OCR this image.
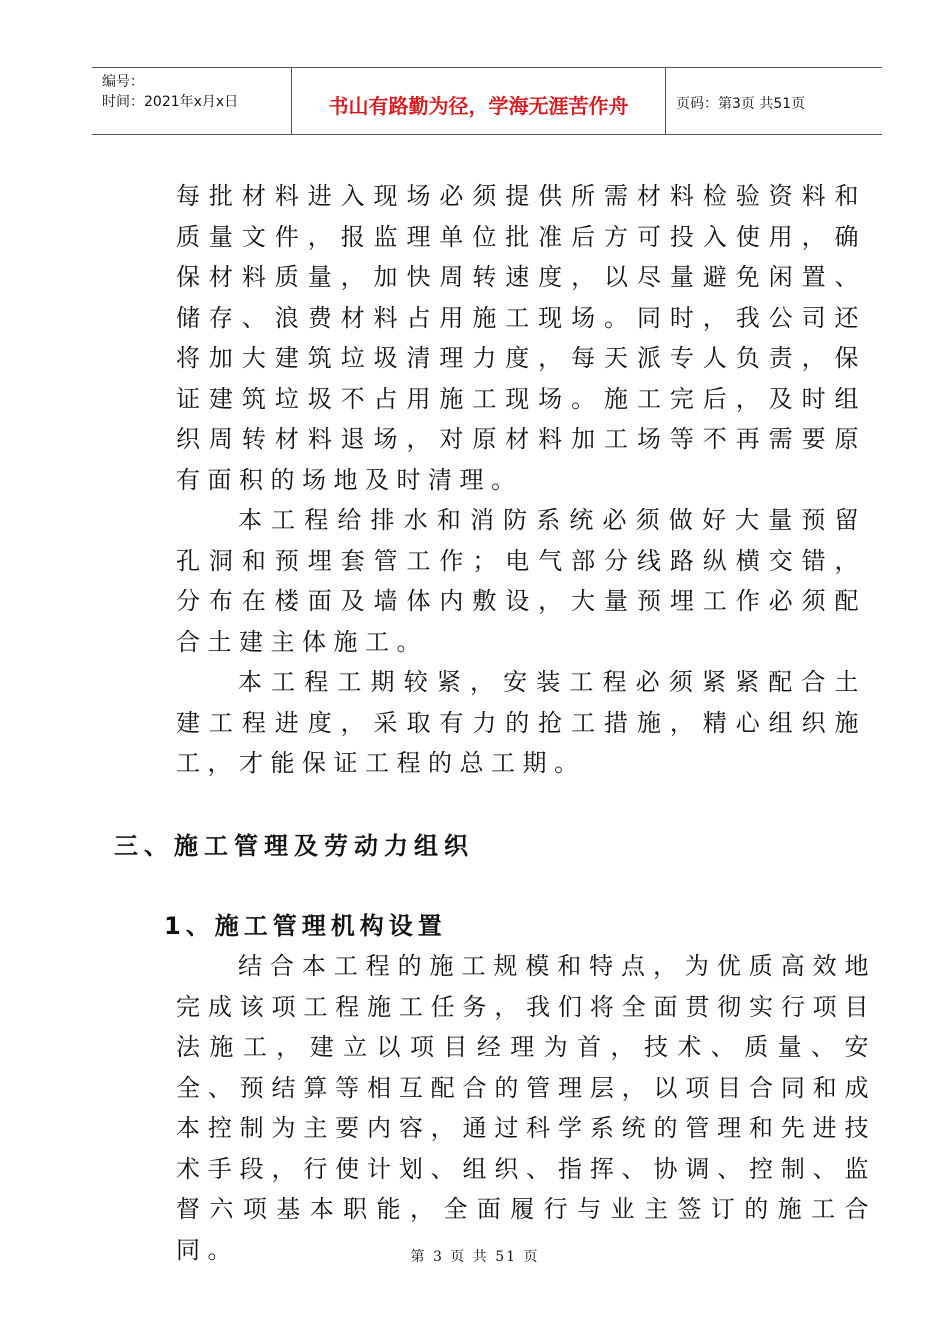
编号：
时间：2021年x月x日	书山有路勤为径，学海无涯苦作舟	页码：第3页 共51页

每批材料进入现场必须提供所需材料检验资料和质量文件，报监理单位批准后方可投入使用，确保材料质量，加快周转速度，以尽量避免闲置、储存、浪费材料占用施工现场。同时，我公司还将加大建筑垃圾清理力度，每天派专人负责，保证建筑垃圾不占用施工现场。施工完后，及时组织周转材料退场，对原材料加工场等不再需要原有面积的场地及时清理。

本工程给排水和消防系统必须做好大量预留孔洞和预埋套管工作；电气部分线路纵横交错，分布在楼面及墙体内敷设，大量预埋工作必须配合土建主体施工。

本工程工期较紧，安装工程必须紧紧配合土建工程进度，采取有力的抢工措施，精心组织施工，才能保证工程的总工期。

三、施工管理及劳动力组织
1、施工管理机构设置

结合本工程的施工规模和特点，为优质高效地完成该项工程施工任务，我们将全面贯彻实行项目法施工，建立以项目经理为首，技术、质量、安全、预结算等相互配合的管理层，以项目合同和成本控制为主要内容，通过科学系统的管理和先进技术手段，行使计划、组织、指挥、协调、控制、监督六项基本职能，全面履行与业主签订的施工合同。	第 3 页 共 51 页
